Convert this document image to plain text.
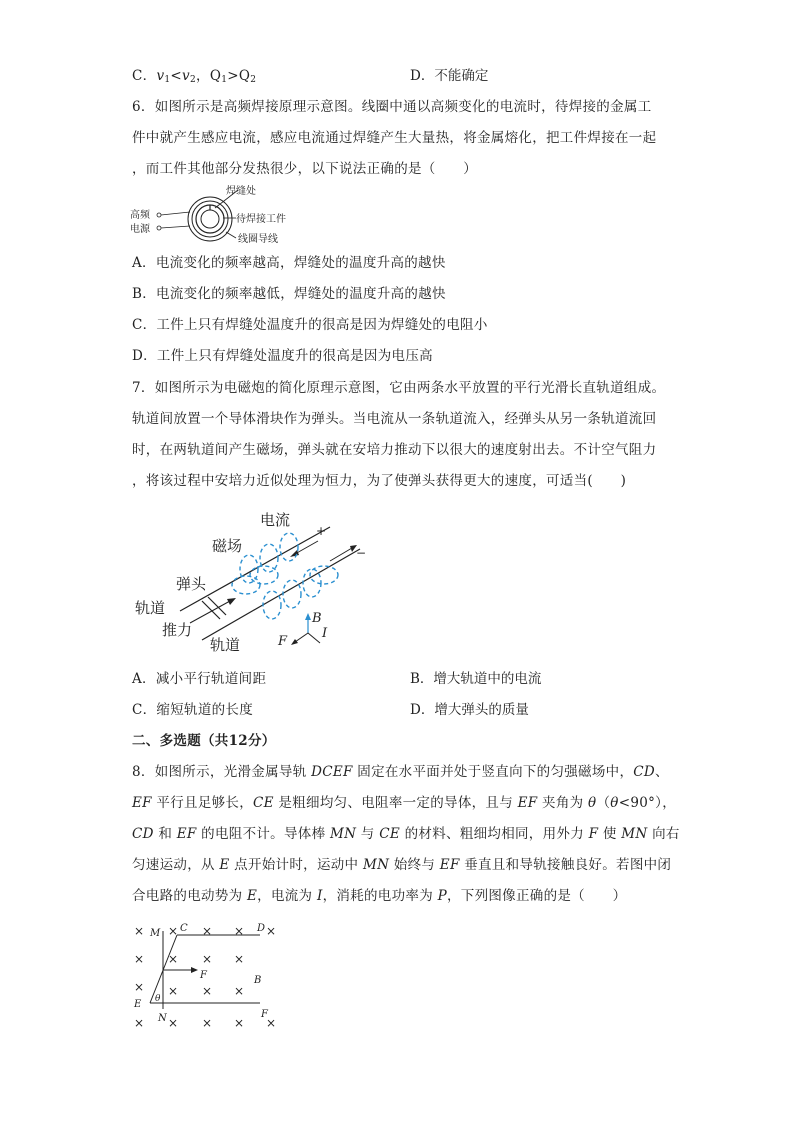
C．$v_1<v_2$，$Q_1>Q_2$	D．不能确定
6．如图所示是高频焊接原理示意图。线圈中通以高频变化的电流时，待焊接的金属工
件中就产生感应电流，感应电流通过焊缝产生大量热，将金属熔化，把工件焊接在一起
，而工件其他部分发热很少，以下说法正确的是（　　）
高频
电源
焊缝处
待焊接工件
线圈导线
A．电流变化的频率越高，焊缝处的温度升高的越快
B．电流变化的频率越低，焊缝处的温度升高的越快
C．工件上只有焊缝处温度升的很高是因为焊缝处的电阻小
D．工件上只有焊缝处温度升的很高是因为电压高
7．如图所示为电磁炮的简化原理示意图，它由两条水平放置的平行光滑长直轨道组成。
轨道间放置一个导体滑块作为弹头。当电流从一条轨道流入，经弹头从另一条轨道流回
时，在两轨道间产生磁场，弹头就在安培力推动下以很大的速度射出去。不计空气阻力
，将该过程中安培力近似处理为恒力，为了使弹头获得更大的速度，可适当(　　)
电流
+
磁场	−
弹头
轨道
推力
轨道
B
F
I
A．减小平行轨道间距	B．增大轨道中的电流
C．缩短轨道的长度	D．增大弹头的质量
二、多选题（共12分）
8．如图所示，光滑金属导轨 DCEF 固定在水平面并处于竖直向下的匀强磁场中，CD、
EF 平行且足够长，CE 是粗细均匀、电阻率一定的导体，且与 EF 夹角为 θ（θ<90°），
CD 和 EF 的电阻不计。导体棒 MN 与 CE 的材料、粗细均相同，用外力 F 使 MN 向右
匀速运动，从 E 点开始计时，运动中 MN 始终与 EF 垂直且和导轨接触良好。若图中闭
合电路的电动势为 E，电流为 I，消耗的电功率为 P，下列图像正确的是（　　）
M C	D
E
N
F	B
F
θ
× × × × ×
× × × ×
× × × ×
× × × × ×
